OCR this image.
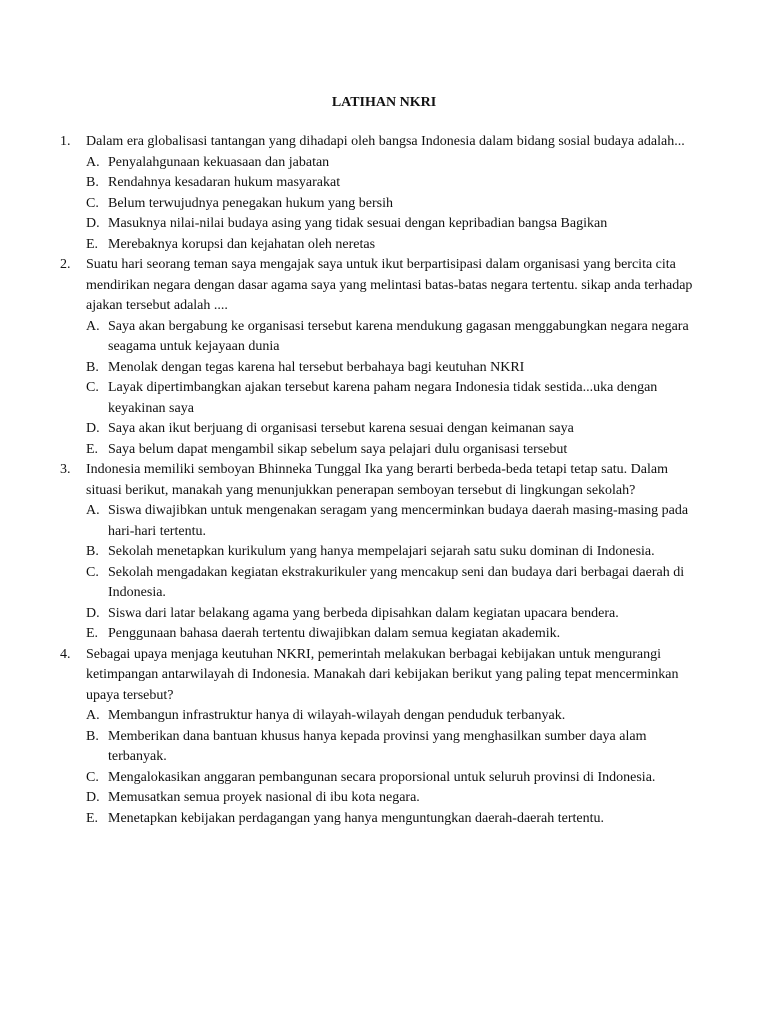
LATIHAN NKRI
1. Dalam era globalisasi tantangan yang dihadapi oleh bangsa Indonesia dalam bidang sosial budaya adalah...
A. Penyalahgunaan kekuasaan dan jabatan
B. Rendahnya kesadaran hukum masyarakat
C. Belum terwujudnya penegakan hukum yang bersih
D. Masuknya nilai-nilai budaya asing yang tidak sesuai dengan kepribadian bangsa Bagikan
E. Merebaknya korupsi dan kejahatan oleh neretas
2. Suatu hari seorang teman saya mengajak saya untuk ikut berpartisipasi dalam organisasi yang bercita cita mendirikan negara dengan dasar agama saya yang melintasi batas-batas negara tertentu. sikap anda terhadap ajakan tersebut adalah ....
A. Saya akan bergabung ke organisasi tersebut karena mendukung gagasan menggabungkan negara negara seagama untuk kejayaan dunia
B. Menolak dengan tegas karena hal tersebut berbahaya bagi keutuhan NKRI
C. Layak dipertimbangkan ajakan tersebut karena paham negara Indonesia tidak sestida...uka dengan keyakinan saya
D. Saya akan ikut berjuang di organisasi tersebut karena sesuai dengan keimanan saya
E. Saya belum dapat mengambil sikap sebelum saya pelajari dulu organisasi tersebut
3. Indonesia memiliki semboyan Bhinneka Tunggal Ika yang berarti berbeda-beda tetapi tetap satu. Dalam situasi berikut, manakah yang menunjukkan penerapan semboyan tersebut di lingkungan sekolah?
A. Siswa diwajibkan untuk mengenakan seragam yang mencerminkan budaya daerah masing-masing pada hari-hari tertentu.
B. Sekolah menetapkan kurikulum yang hanya mempelajari sejarah satu suku dominan di Indonesia.
C. Sekolah mengadakan kegiatan ekstrakurikuler yang mencakup seni dan budaya dari berbagai daerah di Indonesia.
D. Siswa dari latar belakang agama yang berbeda dipisahkan dalam kegiatan upacara bendera.
E. Penggunaan bahasa daerah tertentu diwajibkan dalam semua kegiatan akademik.
4. Sebagai upaya menjaga keutuhan NKRI, pemerintah melakukan berbagai kebijakan untuk mengurangi ketimpangan antarwilayah di Indonesia. Manakah dari kebijakan berikut yang paling tepat mencerminkan upaya tersebut?
A. Membangun infrastruktur hanya di wilayah-wilayah dengan penduduk terbanyak.
B. Memberikan dana bantuan khusus hanya kepada provinsi yang menghasilkan sumber daya alam terbanyak.
C. Mengalokasikan anggaran pembangunan secara proporsional untuk seluruh provinsi di Indonesia.
D. Memusatkan semua proyek nasional di ibu kota negara.
E. Menetapkan kebijakan perdagangan yang hanya menguntungkan daerah-daerah tertentu.
